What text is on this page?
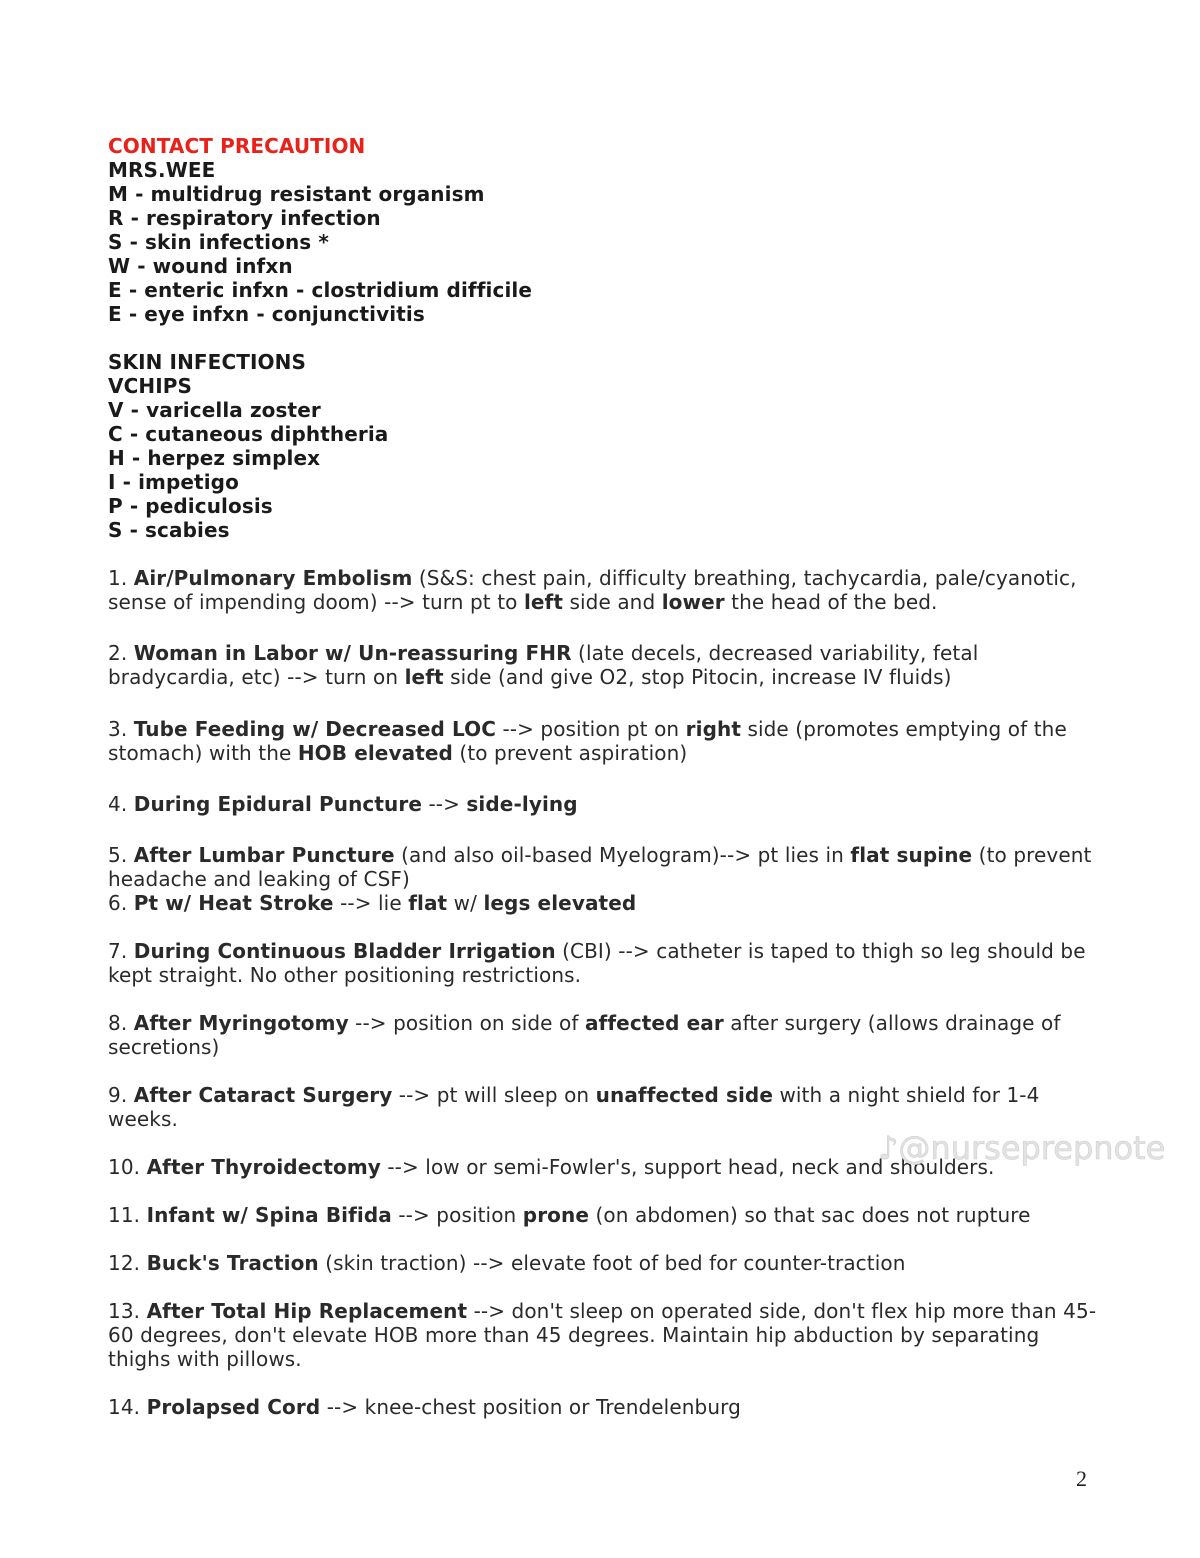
CONTACT PRECAUTION
MRS.WEE
M - multidrug resistant organism
R - respiratory infection
S - skin infections *
W - wound infxn
E - enteric infxn - clostridium difficile
E - eye infxn - conjunctivitis
SKIN INFECTIONS
VCHIPS
V - varicella zoster
C - cutaneous diphtheria
H - herpez simplex
I - impetigo
P - pediculosis
S - scabies
1. Air/Pulmonary Embolism (S&S: chest pain, difficulty breathing, tachycardia, pale/cyanotic,
sense of impending doom) --> turn pt to left side and lower the head of the bed.
2. Woman in Labor w/ Un-reassuring FHR (late decels, decreased variability, fetal
bradycardia, etc) --> turn on left side (and give O2, stop Pitocin, increase IV fluids)
3. Tube Feeding w/ Decreased LOC --> position pt on right side (promotes emptying of the
stomach) with the HOB elevated (to prevent aspiration)
4. During Epidural Puncture --> side-lying
5. After Lumbar Puncture (and also oil-based Myelogram)--> pt lies in flat supine (to prevent
headache and leaking of CSF)
6. Pt w/ Heat Stroke --> lie flat w/ legs elevated
7. During Continuous Bladder Irrigation (CBI) --> catheter is taped to thigh so leg should be
kept straight. No other positioning restrictions.
8. After Myringotomy --> position on side of affected ear after surgery (allows drainage of
secretions)
9. After Cataract Surgery --> pt will sleep on unaffected side with a night shield for 1-4
weeks.
10. After Thyroidectomy --> low or semi-Fowler's, support head, neck and shoulders.
11. Infant w/ Spina Bifida --> position prone (on abdomen) so that sac does not rupture
12. Buck's Traction (skin traction) --> elevate foot of bed for counter-traction
13. After Total Hip Replacement --> don't sleep on operated side, don't flex hip more than 45-
60 degrees, don't elevate HOB more than 45 degrees. Maintain hip abduction by separating
thighs with pillows.
14. Prolapsed Cord --> knee-chest position or Trendelenburg
♪@nurseprepnote
2
